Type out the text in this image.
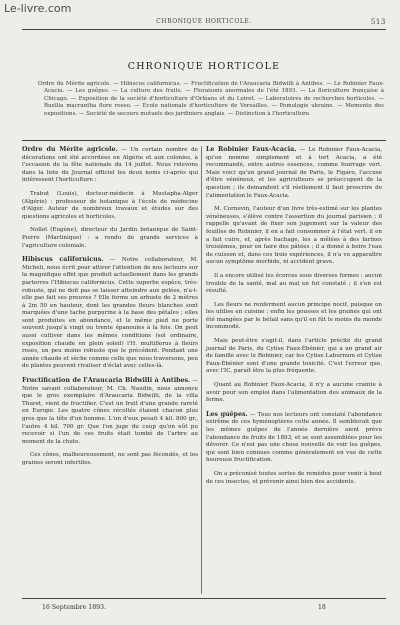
Le-livre.com
CHRONIQUE HORTICOLE.	513
CHRONIQUE HORTICOLE
Ordre du Mérite agricole. — Hibiscus californicus. — Fructification de l'Araucaria Bidwilli à Antibes. — Le Robinier Faux-Acacia. — Les guêpes. — La culture des fruits. — Floraisons anormales de l'été 1893. — La floriculture française à Chicago. — Exposition de la société d'horticulture d'Orléans et du Loiret. — Laboratoires de recherches horticoles. — Ruellia macrantha flore roseo. — École nationale d'horticulture de Versailles. — Pomologie ukraine. — Memento des expositions. — Société de secours mutuels des jardiniers anglais. — Distinction à l'horticulture.

Ordre du Mérite agricole. — Un certain nombre de décorations ont été accordées en Algérie et aux colonies, à l'occasion de la fête nationale du 14 juillet. Nous relevons dans la liste du Journal officiel les deux noms ci-après qui intéressent l'horticulture :

Trabut (Louis), docteur-médecin à Mustapha-Alger (Algérie) : professeur de botanique à l'école de médecine d'Alger. Auteur de nombreux travaux et études sur des questions agricoles et horticoles.

Nollet (Eugène), directeur du Jardin botanique de Saint-Pierre (Martinique) : a rendu de grands services à l'agriculture coloniale.

Hibiscus californicus. — Notre collaborateur, M. Micheli, nous écrit pour attirer l'attention de nos lecteurs sur la magnifique effet que produit actuellement dans les grands parterres l'Hibiscus californicus. Cette superbe espèce, très-robuste, qui ne doit pas se laisser atteindre aux gelées, n'a-t-elle pas fait ses preuves ? Elle forme un arbuste de 2 mètres à 2m 50 en hauteur, dont les grandes fleurs blanches sont marquées d'une tache purpurine à la base des pétales ; elles sont produites en abondance, et le même pied ne porte souvent jusqu'à vingt ou trente épanouies à la fois. On peut aussi cultiver dans les mêmes conditions (sol ordinaire, exposition chaude en plein soleil) l'H. multiflorus à fleurs roses, un peu moins robuste que le précédent. Pendant une année chaude et sèche comme celle que nous traversons, peu de plantes peuvent rivaliser d'éclat avec celles-là.

Fructification de l'Araucaria Bidwilli à Antibes. — Notre savant collaborateur, M. Ch. Naudin, nous annonce que le gros exemplaire d'Araucaria Bidwilli, de la villa Thuret, vient de fructifier. C'est un fruit d'une grande rareté en Europe. Les quatre cônes récoltés étaient chacun plus gros que la tête d'un homme. L'un d'eux pesait 4 kil. 800 gr., l'autre 4 kil. 700 gr. Que l'on juge du coup qu'on eût pu recevoir si l'un de ces fruits était tombé de l'arbre au moment de la chute.

Ces cônes, malheureusement, ne sont pas fécondés, et les graines seront infertiles.

Le Robinier Faux-Acacia. — Le Robinier Faux-Acacia, qu'on nomme simplement et à tort Acacia, a été recommandé, entre autres essences, comme fourrage vert. Mais voici qu'un grand journal de Paris, le Figaro, l'accuse d'être vénéneux, et les agriculteurs se préoccupent de la question ; ils demandent s'il réellement il faut proscrire de l'alimentation le Faux-Acacia.

M. Cornevin, l'auteur d'un livre très-estimé sur les plantes vénéneuses, s'élève contre l'assertion du journal parisien ; il rappelle qu'avant de fixer son jugement sur la valeur des feuilles de Robinier, il en a fait consommer à l'état vert, il en a fait cuire, et, après hachage, les a mêlées à des farines troisièmes, pour en faire des pâtées ; il a donné à boire l'eau de cuisson et, dans ces trois expériences, il n'a vu apparaître aucun symptôme morbide, ni accident grave.

Il a encore utilisé les écorces sous diverses formes : aucun trouble de la santé, mal au mal en fut constaté ; il s'en est résulté.

Les fleurs ne renferment aucun principe nocif, puisque on les utilise en cuisine ; enfin les gousses et les graines qui ont été mangées par le bétail sans qu'il en fût le moins du monde incommodé.

Mais peut-être s'agit-il, dans l'article précité du grand journal de Paris, du Cytise Faux-Ébénier, qui a un grand air de famille avec le Robinier, car les Cytise Laburnum et Cytise Faux-Ébénier sont d'une grande toxicité. C'est l'erreur que, avec l'IC, paraît être la plus fréquente.

Quant au Robinier Faux-Acacia, il n'y a aucune crainte à avoir pour son emploi dans l'alimentation des animaux de la ferme.

Les guêpes. — Tous nos lecteurs ont constaté l'abondance extrême de ces hyménoptères cette année. Il semblerait que les mêmes guêpes de l'année dernière aient prévu l'abondance de fruits de 1893, et se sont assemblées pour les dévorer. Ce n'est pas une chose nouvelle de voir les guêpes, qui sont bien connues comme généralement en vue de cette heureuse fructification.

On a préconisé toutes sortes de remèdes pour venir à bout de ces insectes, et prévenir ainsi bien des accidents.

16 Septembre 1893.	18
